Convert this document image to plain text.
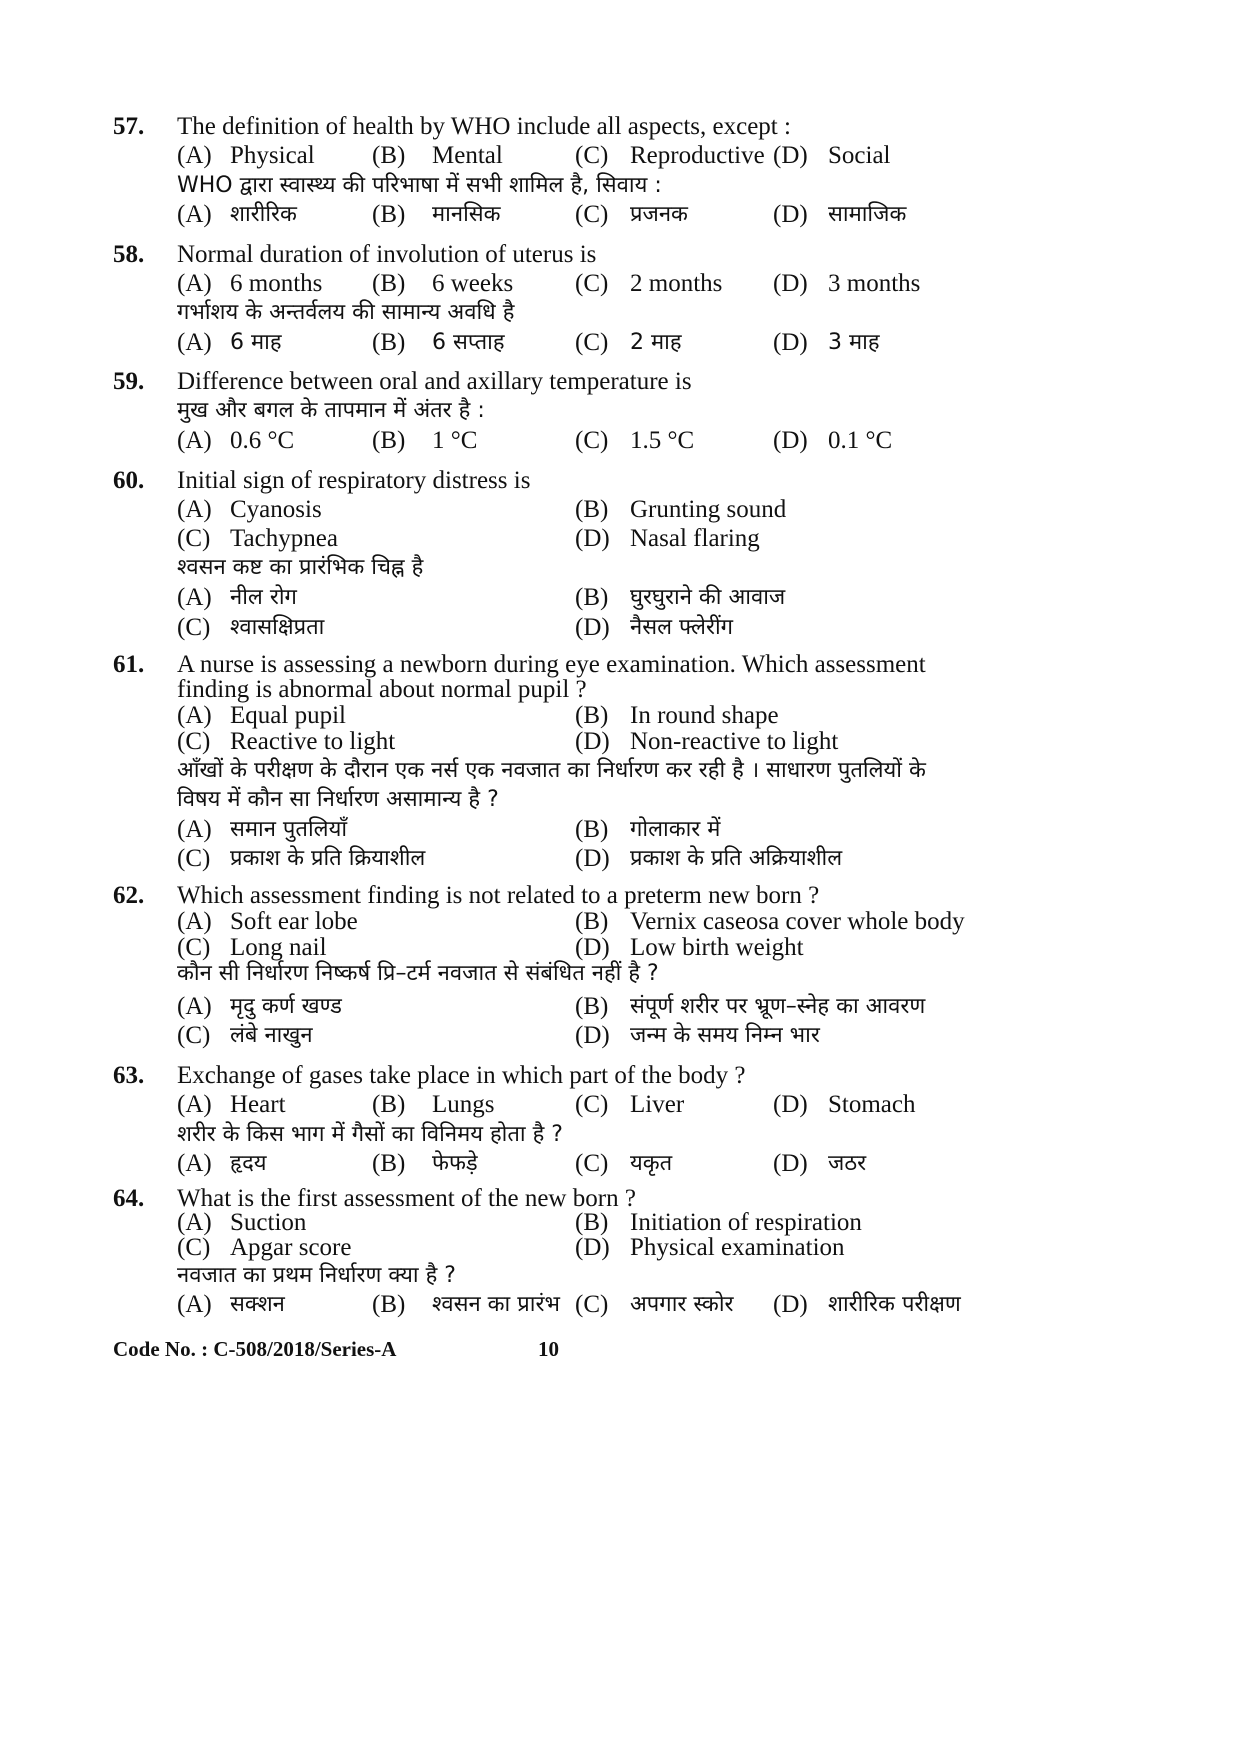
57. The definition of health by WHO include all aspects, except :
(A) Physical (B) Mental	(C) Reproductive (D) Social
WHO द्वारा स्वास्थ्य की परिभाषा में सभी शामिल है, सिवाय :
(A) शारीरिक	(B) मानसिक	(C) प्रजनक	(D) सामाजिक
58. Normal duration of involution of uterus is
(A) 6 months (B) 6 weeks (C) 2 months (D) 3 months
गर्भाशय के अन्तर्वलय की सामान्य अवधि है
(A) 6 माह	(B) 6 सप्ताह	(C) 2 माह	(D) 3 माह
59. Difference between oral and axillary temperature is
मुख और बगल के तापमान में अंतर है :
(A) 0.6 °C	(B) 1 °C	(C) 1.5 °C	(D) 0.1 °C
60. Initial sign of respiratory distress is
(A) Cyanosis	(B) Grunting sound
(C) Tachypnea	(D) Nasal flaring
श्वसन कष्ट का प्रारंभिक चिह्न है
(A) नील रोग	(B) घुरघुराने की आवाज
(C) श्वासक्षिप्रता	(D) नैसल फ्लेरींग
61. A nurse is assessing a newborn during eye examination. Which assessment
finding is abnormal about normal pupil ?
(A) Equal pupil	(B) In round shape
(C) Reactive to light	(D) Non-reactive to light
आँखों के परीक्षण के दौरान एक नर्स एक नवजात का निर्धारण कर रही है । साधारण पुतलियों के
विषय में कौन सा निर्धारण असामान्य है ?
(A) समान पुतलियाँ	(B) गोलाकार में
(C) प्रकाश के प्रति क्रियाशील	(D) प्रकाश के प्रति अक्रियाशील
62. Which assessment finding is not related to a preterm new born ?
(A) Soft ear lobe	(B) Vernix caseosa cover whole body
(C) Long nail	(D) Low birth weight
कौन सी निर्धारण निष्कर्ष प्रि–टर्म नवजात से संबंधित नहीं है ?
(A) मृदु कर्ण खण्ड	(B) संपूर्ण शरीर पर भ्रूण–स्नेह का आवरण
(C) लंबे नाखुन	(D) जन्म के समय निम्न भार
63. Exchange of gases take place in which part of the body ?
(A) Heart	(B) Lungs	(C) Liver	(D) Stomach
शरीर के किस भाग में गैसों का विनिमय होता है ?
(A) हृदय	(B) फेफड़े	(C) यकृत	(D) जठर
64. What is the first assessment of the new born ?
(A) Suction	(B) Initiation of respiration
(C) Apgar score	(D) Physical examination
नवजात का प्रथम निर्धारण क्या है ?
(A) सक्शन	(B) श्वसन का प्रारंभ (C) अपगार स्कोर (D) शारीरिक परीक्षण
Code No. : C-508/2018/Series-A	10
